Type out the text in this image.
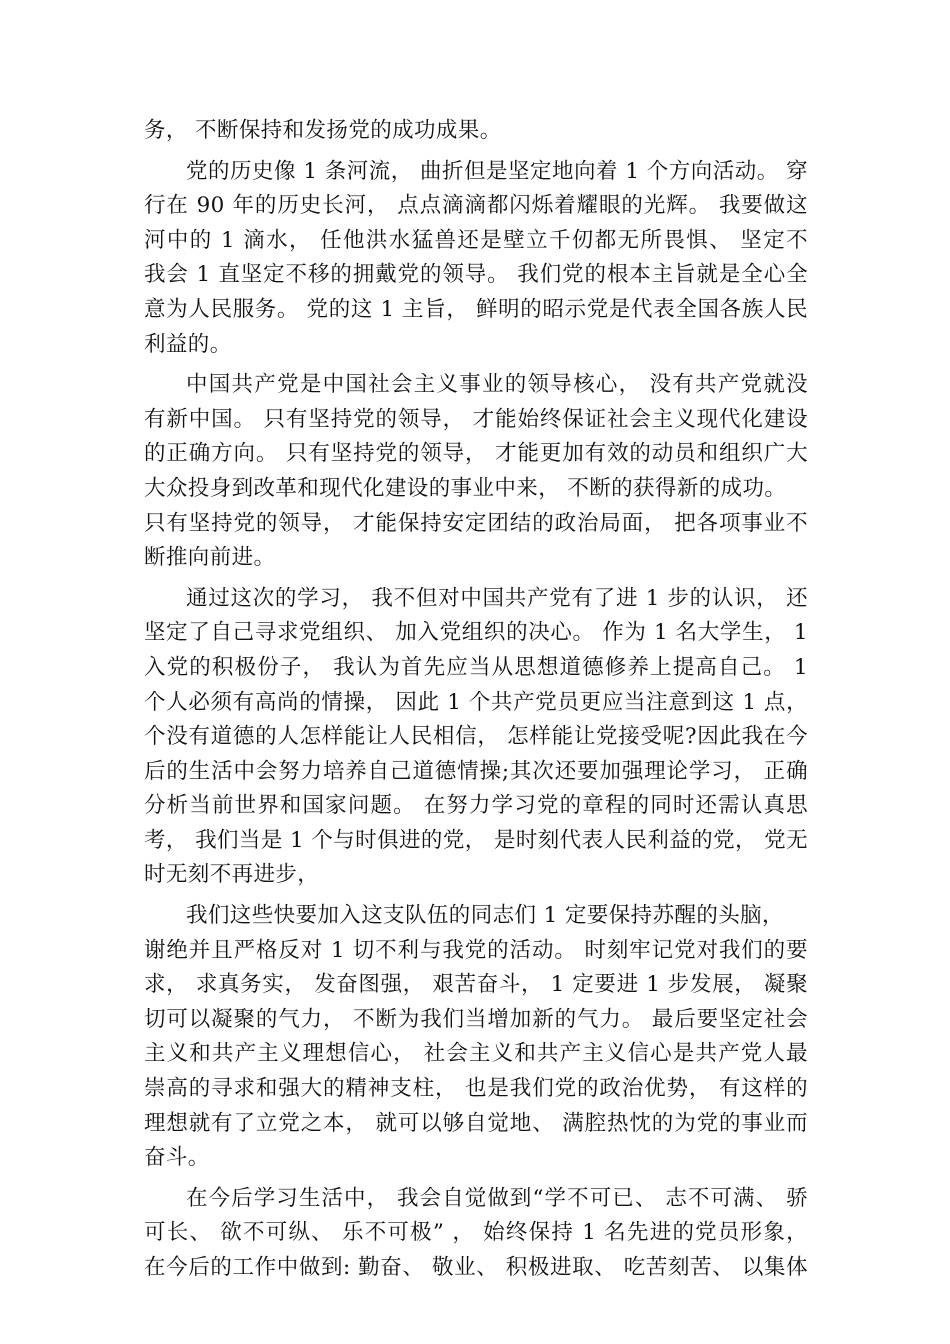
务， 不断保持和发扬党的成功成果。
党的历史像 1 条河流， 曲折但是坚定地向着 1 个方向活动。 穿
行在 90 年的历史长河， 点点滴滴都闪烁着耀眼的光辉。 我要做这
河中的 1 滴水， 任他洪水猛兽还是壁立千仞都无所畏惧、 坚定不
我会 1 直坚定不移的拥戴党的领导。 我们党的根本主旨就是全心全
意为人民服务。 党的这 1 主旨， 鲜明的昭示党是代表全国各族人民
利益的。
中国共产党是中国社会主义事业的领导核心， 没有共产党就没
有新中国。 只有坚持党的领导， 才能始终保证社会主义现代化建设
的正确方向。 只有坚持党的领导， 才能更加有效的动员和组织广大
大众投身到改革和现代化建设的事业中来， 不断的获得新的成功。
只有坚持党的领导， 才能保持安定团结的政治局面， 把各项事业不
断推向前进。
通过这次的学习， 我不但对中国共产党有了进 1 步的认识， 还
坚定了自己寻求党组织、 加入党组织的决心。 作为 1 名大学生， 1
入党的积极份子， 我认为首先应当从思想道德修养上提高自己。 1
个人必须有高尚的情操， 因此 1 个共产党员更应当注意到这 1 点，
个没有道德的人怎样能让人民相信， 怎样能让党接受呢?因此我在今
后的生活中会努力培养自己道德情操;其次还要加强理论学习， 正确
分析当前世界和国家问题。 在努力学习党的章程的同时还需认真思
考， 我们当是 1 个与时俱进的党， 是时刻代表人民利益的党， 党无
时无刻不再进步，
我们这些快要加入这支队伍的同志们 1 定要保持苏醒的头脑，
谢绝并且严格反对 1 切不利与我党的活动。 时刻牢记党对我们的要
求， 求真务实， 发奋图强， 艰苦奋斗， 1 定要进 1 步发展， 凝聚
切可以凝聚的气力， 不断为我们当增加新的气力。 最后要坚定社会
主义和共产主义理想信心， 社会主义和共产主义信心是共产党人最
崇高的寻求和强大的精神支柱， 也是我们党的政治优势， 有这样的
理想就有了立党之本， 就可以够自觉地、 满腔热忱的为党的事业而
奋斗。
在今后学习生活中， 我会自觉做到“学不可已、 志不可满、 骄
可长、 欲不可纵、 乐不可极” ， 始终保持 1 名先进的党员形象，
在今后的工作中做到: 勤奋、 敬业、 积极进取、 吃苦刻苦、 以集体
